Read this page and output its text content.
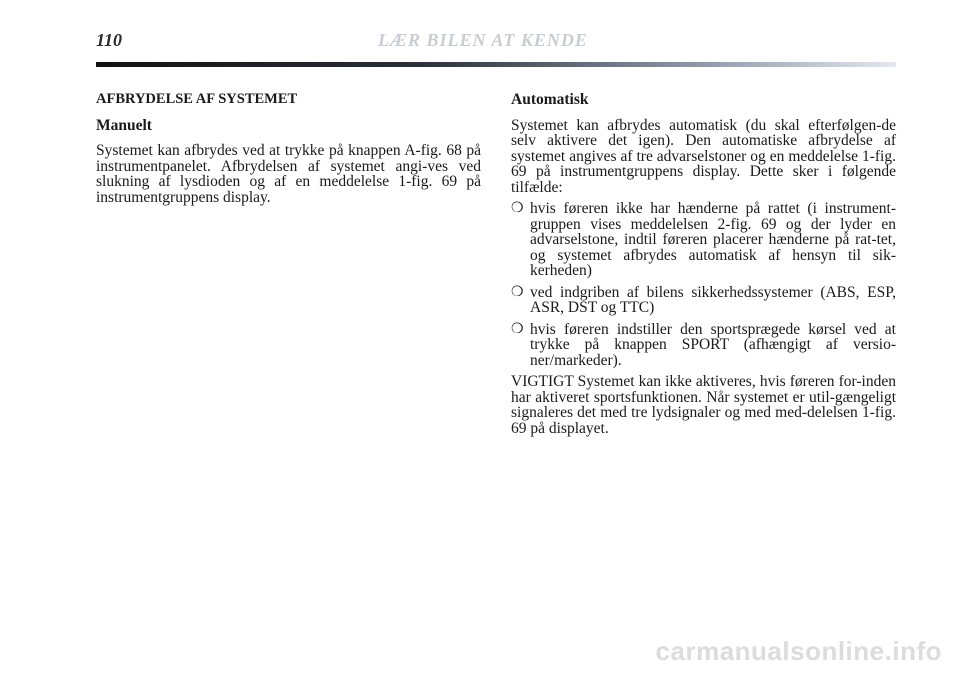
110	LÆR BILEN AT KENDE
AFBRYDELSE AF SYSTEMET
Manuelt

Systemet kan afbrydes ved at trykke på knappen A-fig. 68 på instrumentpanelet. Afbrydelsen af systemet angi-ves ved slukning af lysdioden og af en meddelelse 1-fig. 69 på instrumentgruppens display.

Automatisk

Systemet kan afbrydes automatisk (du skal efterfølgen-de selv aktivere det igen). Den automatiske afbrydelse af systemet angives af tre advarselstoner og en meddelelse 1-fig. 69 på instrumentgruppens display. Dette sker i følgende tilfælde:

❍ hvis føreren ikke har hænderne på rattet (i instrument-gruppen vises meddelelsen 2-fig. 69 og der lyder en advarselstone, indtil føreren placerer hænderne på rat-tet, og systemet afbrydes automatisk af hensyn til sik-kerheden)
❍ ved indgriben af bilens sikkerhedssystemer (ABS, ESP, ASR, DST og TTC)
❍ hvis føreren indstiller den sportsprægede kørsel ved at trykke på knappen SPORT (afhængigt af versio-ner/markeder).

VIGTIGT Systemet kan ikke aktiveres, hvis føreren for-inden har aktiveret sportsfunktionen. Når systemet er util-gængeligt signaleres det med tre lydsignaler og med med-delelsen 1-fig. 69 på displayet.

carmanualsonline.info
